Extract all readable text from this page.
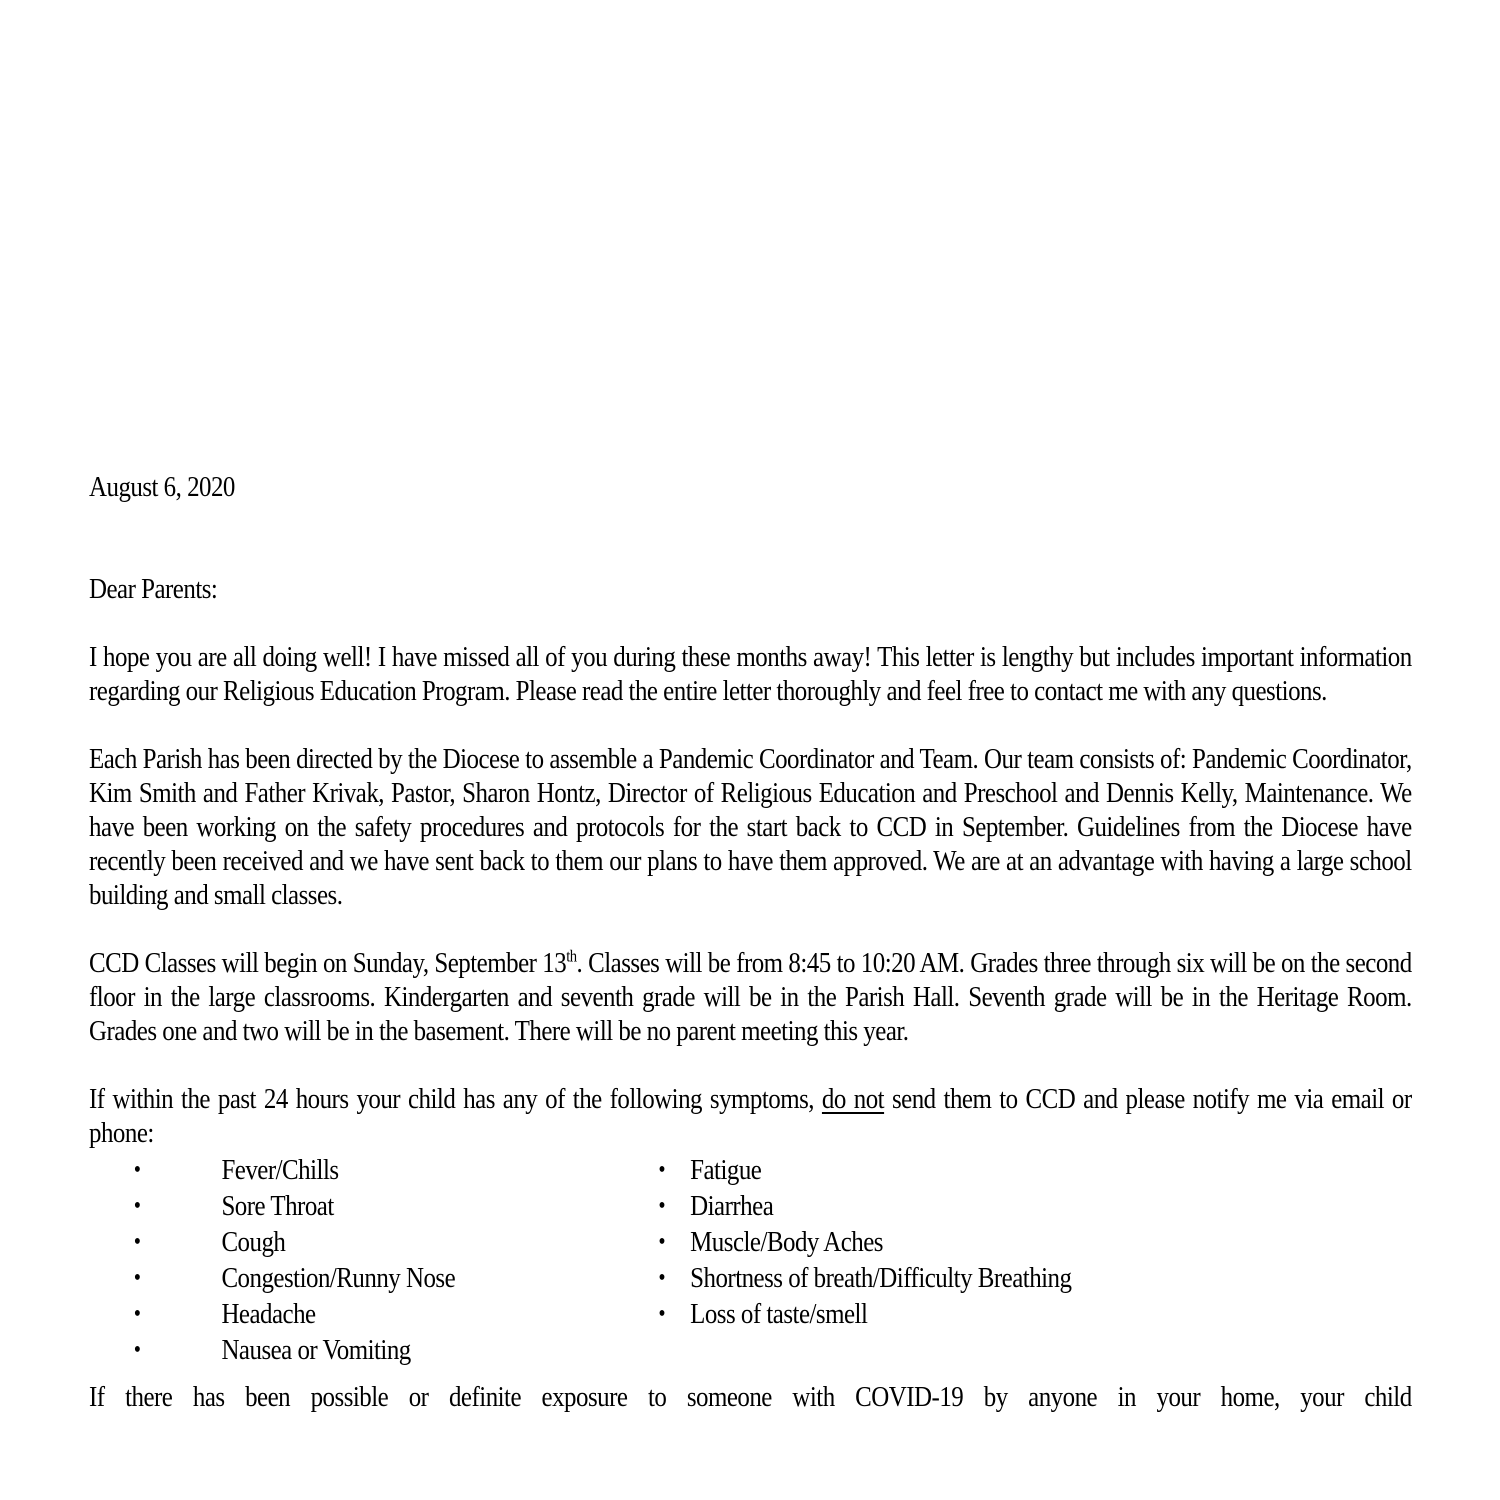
August 6, 2020

Dear Parents:

I hope you are all doing well! I have missed all of you during these months away! This letter is lengthy but includes important information regarding our Religious Education Program. Please read the entire letter thoroughly and feel free to contact me with any questions.

Each Parish has been directed by the Diocese to assemble a Pandemic Coordinator and Team. Our team consists of: Pandemic Coordinator, Kim Smith and Father Krivak, Pastor, Sharon Hontz, Director of Religious Education and Preschool and Dennis Kelly, Maintenance. We have been working on the safety procedures and protocols for the start back to CCD in September. Guidelines from the Diocese have recently been received and we have sent back to them our plans to have them approved. We are at an advantage with having a large school building and small classes.

CCD Classes will begin on Sunday, September 13th. Classes will be from 8:45 to 10:20 AM. Grades three through six will be on the second floor in the large classrooms. Kindergarten and seventh grade will be in the Parish Hall. Seventh grade will be in the Heritage Room. Grades one and two will be in the basement. There will be no parent meeting this year.

If within the past 24 hours your child has any of the following symptoms, do not send them to CCD and please notify me via email or phone:

•	Fever/Chills
•	Sore Throat
•	Cough
•	Congestion/Runny Nose
•	Headache
•	Nausea or Vomiting
• Fatigue
• Diarrhea
• Muscle/Body Aches
• Shortness of breath/Difficulty Breathing
• Loss of taste/smell

If there has been possible or definite exposure to someone with COVID-19 by anyone in your home, your child
